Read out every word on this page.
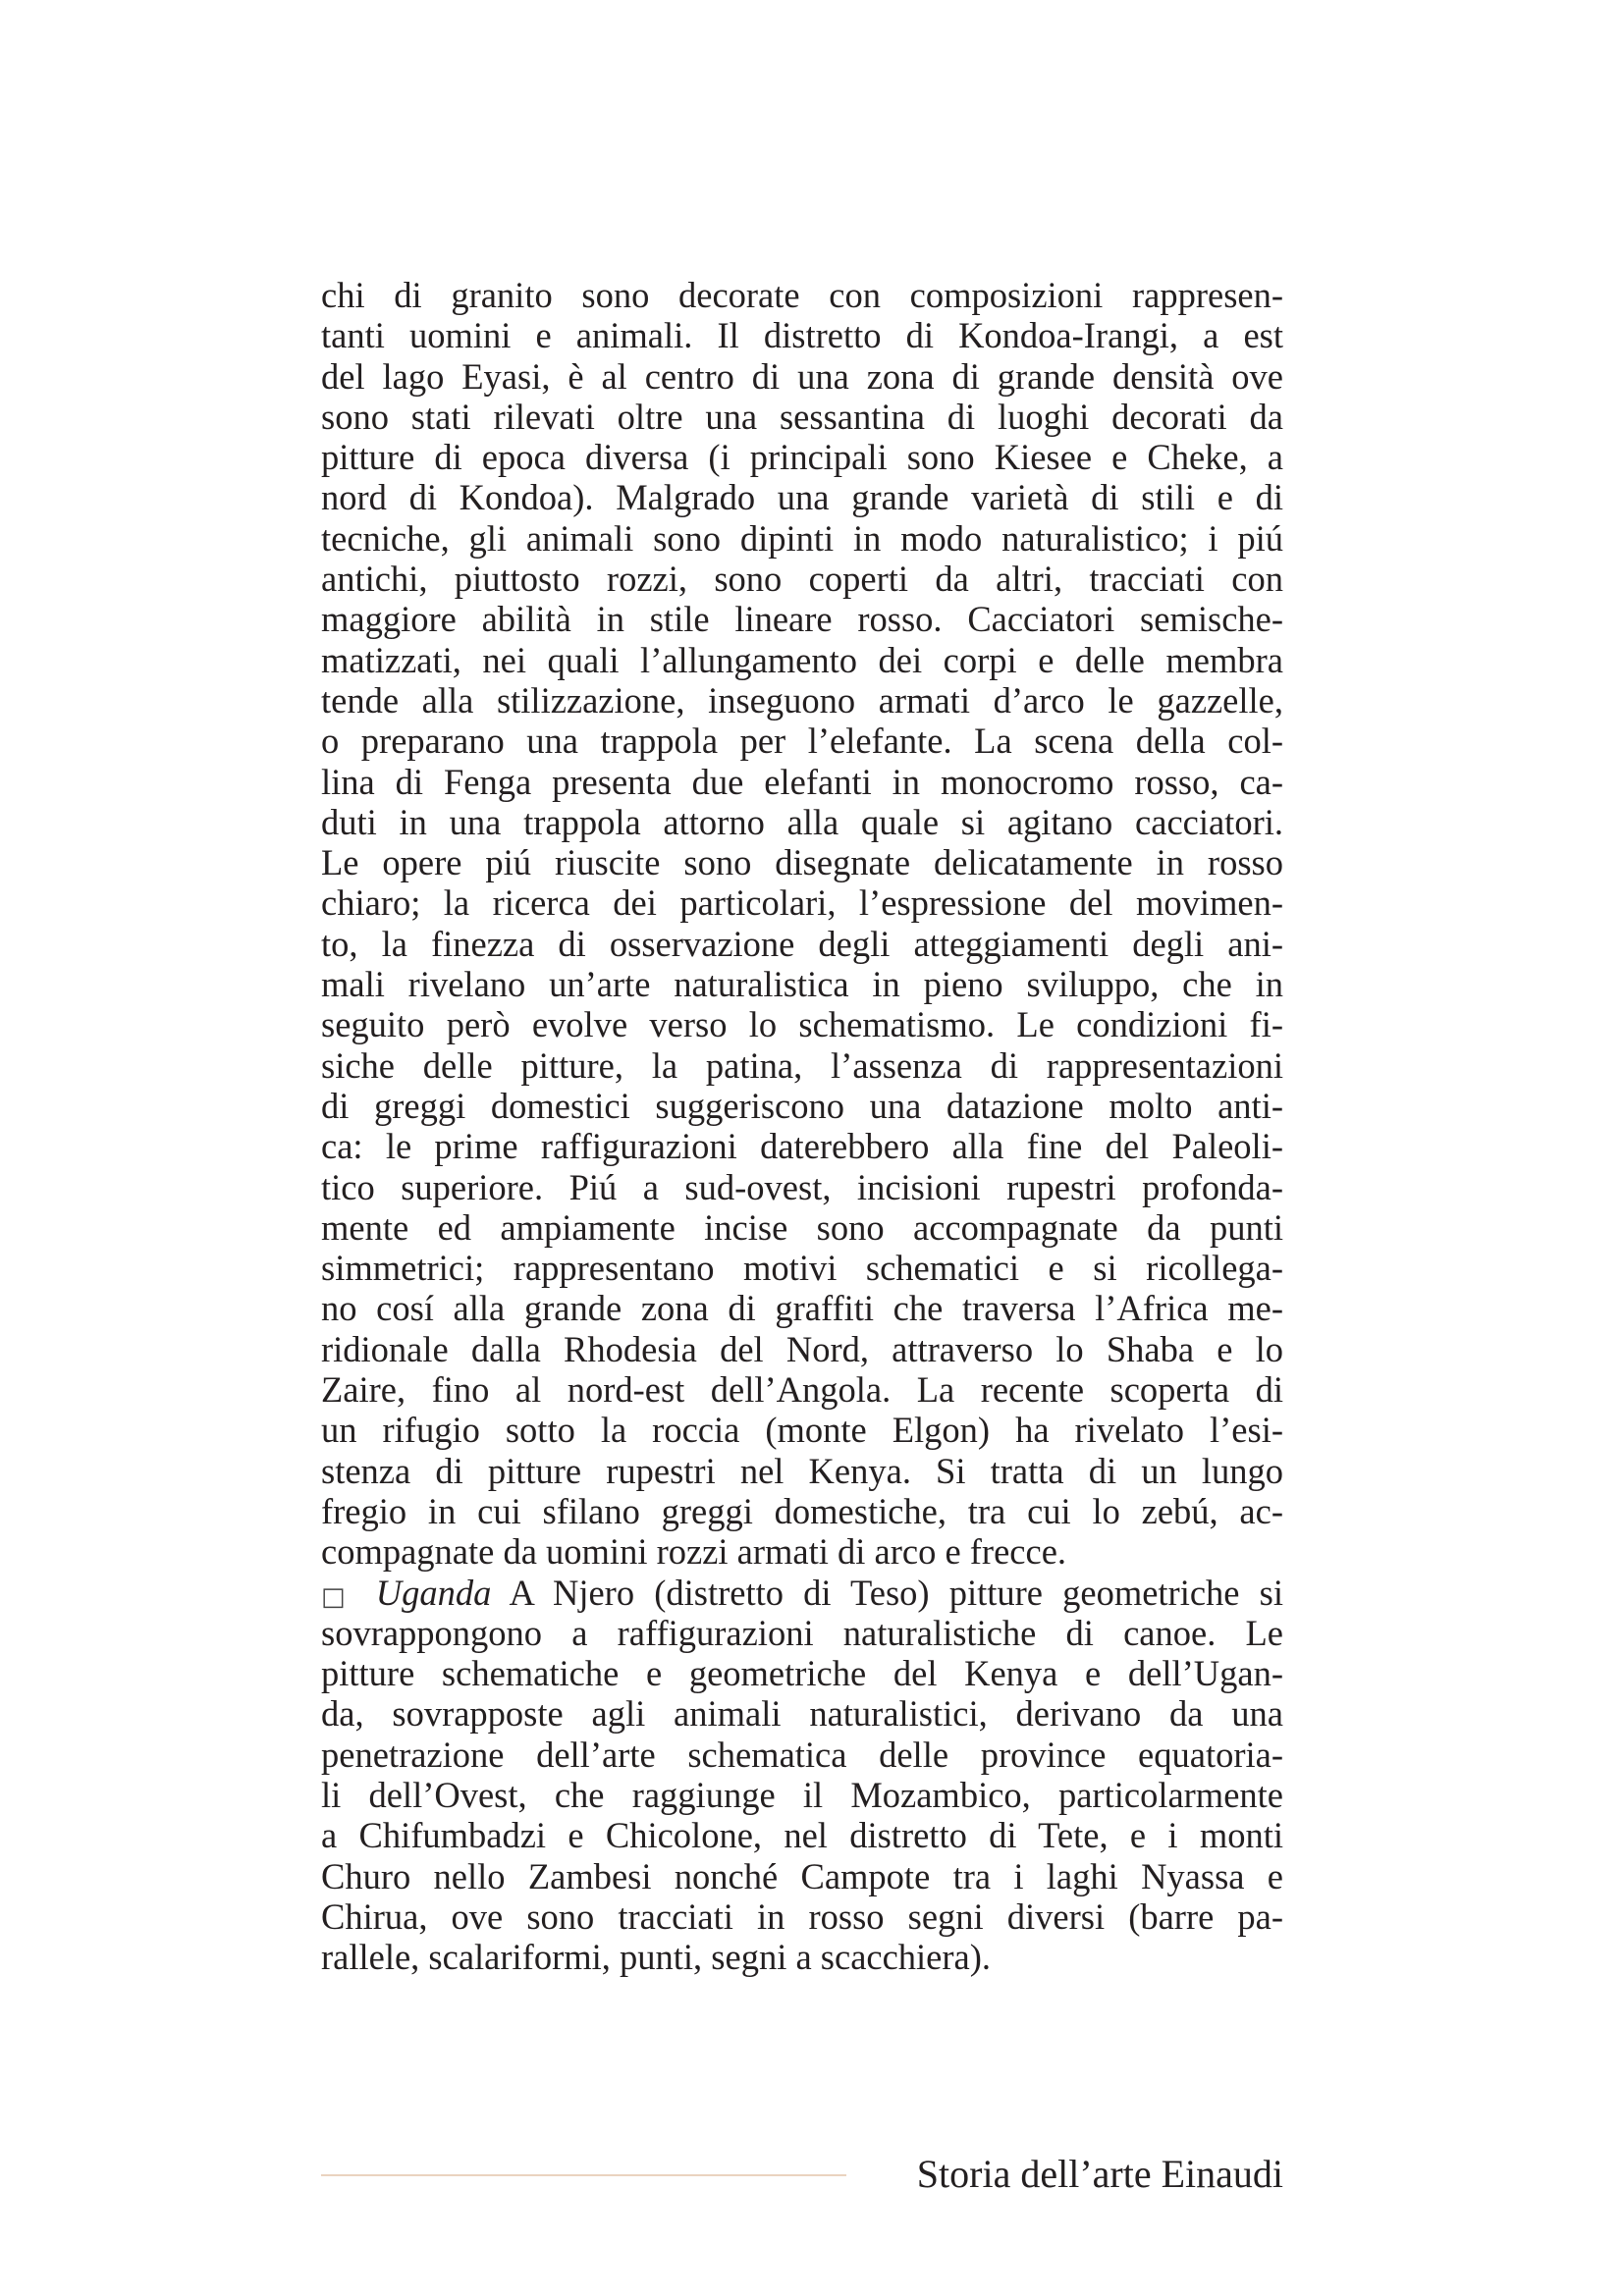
chi di granito sono decorate con composizioni rappresen-
tanti uomini e animali. Il distretto di Kondoa-Irangi, a est
del lago Eyasi, è al centro di una zona di grande densità ove
sono stati rilevati oltre una sessantina di luoghi decorati da
pitture di epoca diversa (i principali sono Kiesee e Cheke, a
nord di Kondoa). Malgrado una grande varietà di stili e di
tecniche, gli animali sono dipinti in modo naturalistico; i piú
antichi, piuttosto rozzi, sono coperti da altri, tracciati con
maggiore abilità in stile lineare rosso. Cacciatori semische-
matizzati, nei quali l’allungamento dei corpi e delle membra
tende alla stilizzazione, inseguono armati d’arco le gazzelle,
o preparano una trappola per l’elefante. La scena della col-
lina di Fenga presenta due elefanti in monocromo rosso, ca-
duti in una trappola attorno alla quale si agitano cacciatori.
Le opere piú riuscite sono disegnate delicatamente in rosso
chiaro; la ricerca dei particolari, l’espressione del movimen-
to, la finezza di osservazione degli atteggiamenti degli ani-
mali rivelano un’arte naturalistica in pieno sviluppo, che in
seguito però evolve verso lo schematismo. Le condizioni fi-
siche delle pitture, la patina, l’assenza di rappresentazioni
di greggi domestici suggeriscono una datazione molto anti-
ca: le prime raffigurazioni daterebbero alla fine del Paleoli-
tico superiore. Piú a sud-ovest, incisioni rupestri profonda-
mente ed ampiamente incise sono accompagnate da punti
simmetrici; rappresentano motivi schematici e si ricollega-
no cosí alla grande zona di graffiti che traversa l’Africa me-
ridionale dalla Rhodesia del Nord, attraverso lo Shaba e lo
Zaire, fino al nord-est dell’Angola. La recente scoperta di
un rifugio sotto la roccia (monte Elgon) ha rivelato l’esi-
stenza di pitture rupestri nel Kenya. Si tratta di un lungo
fregio in cui sfilano greggi domestiche, tra cui lo zebú, ac-
compagnate da uomini rozzi armati di arco e frecce.
□ Uganda A Njero (distretto di Teso) pitture geometriche si
sovrappongono a raffigurazioni naturalistiche di canoe. Le
pitture schematiche e geometriche del Kenya e dell’Ugan-
da, sovrapposte agli animali naturalistici, derivano da una
penetrazione dell’arte schematica delle province equatoria-
li dell’Ovest, che raggiunge il Mozambico, particolarmente
a Chifumbadzi e Chicolone, nel distretto di Tete, e i monti
Churo nello Zambesi nonché Campote tra i laghi Nyassa e
Chirua, ove sono tracciati in rosso segni diversi (barre pa-
rallele, scalariformi, punti, segni a scacchiera).
Storia dell’arte Einaudi
